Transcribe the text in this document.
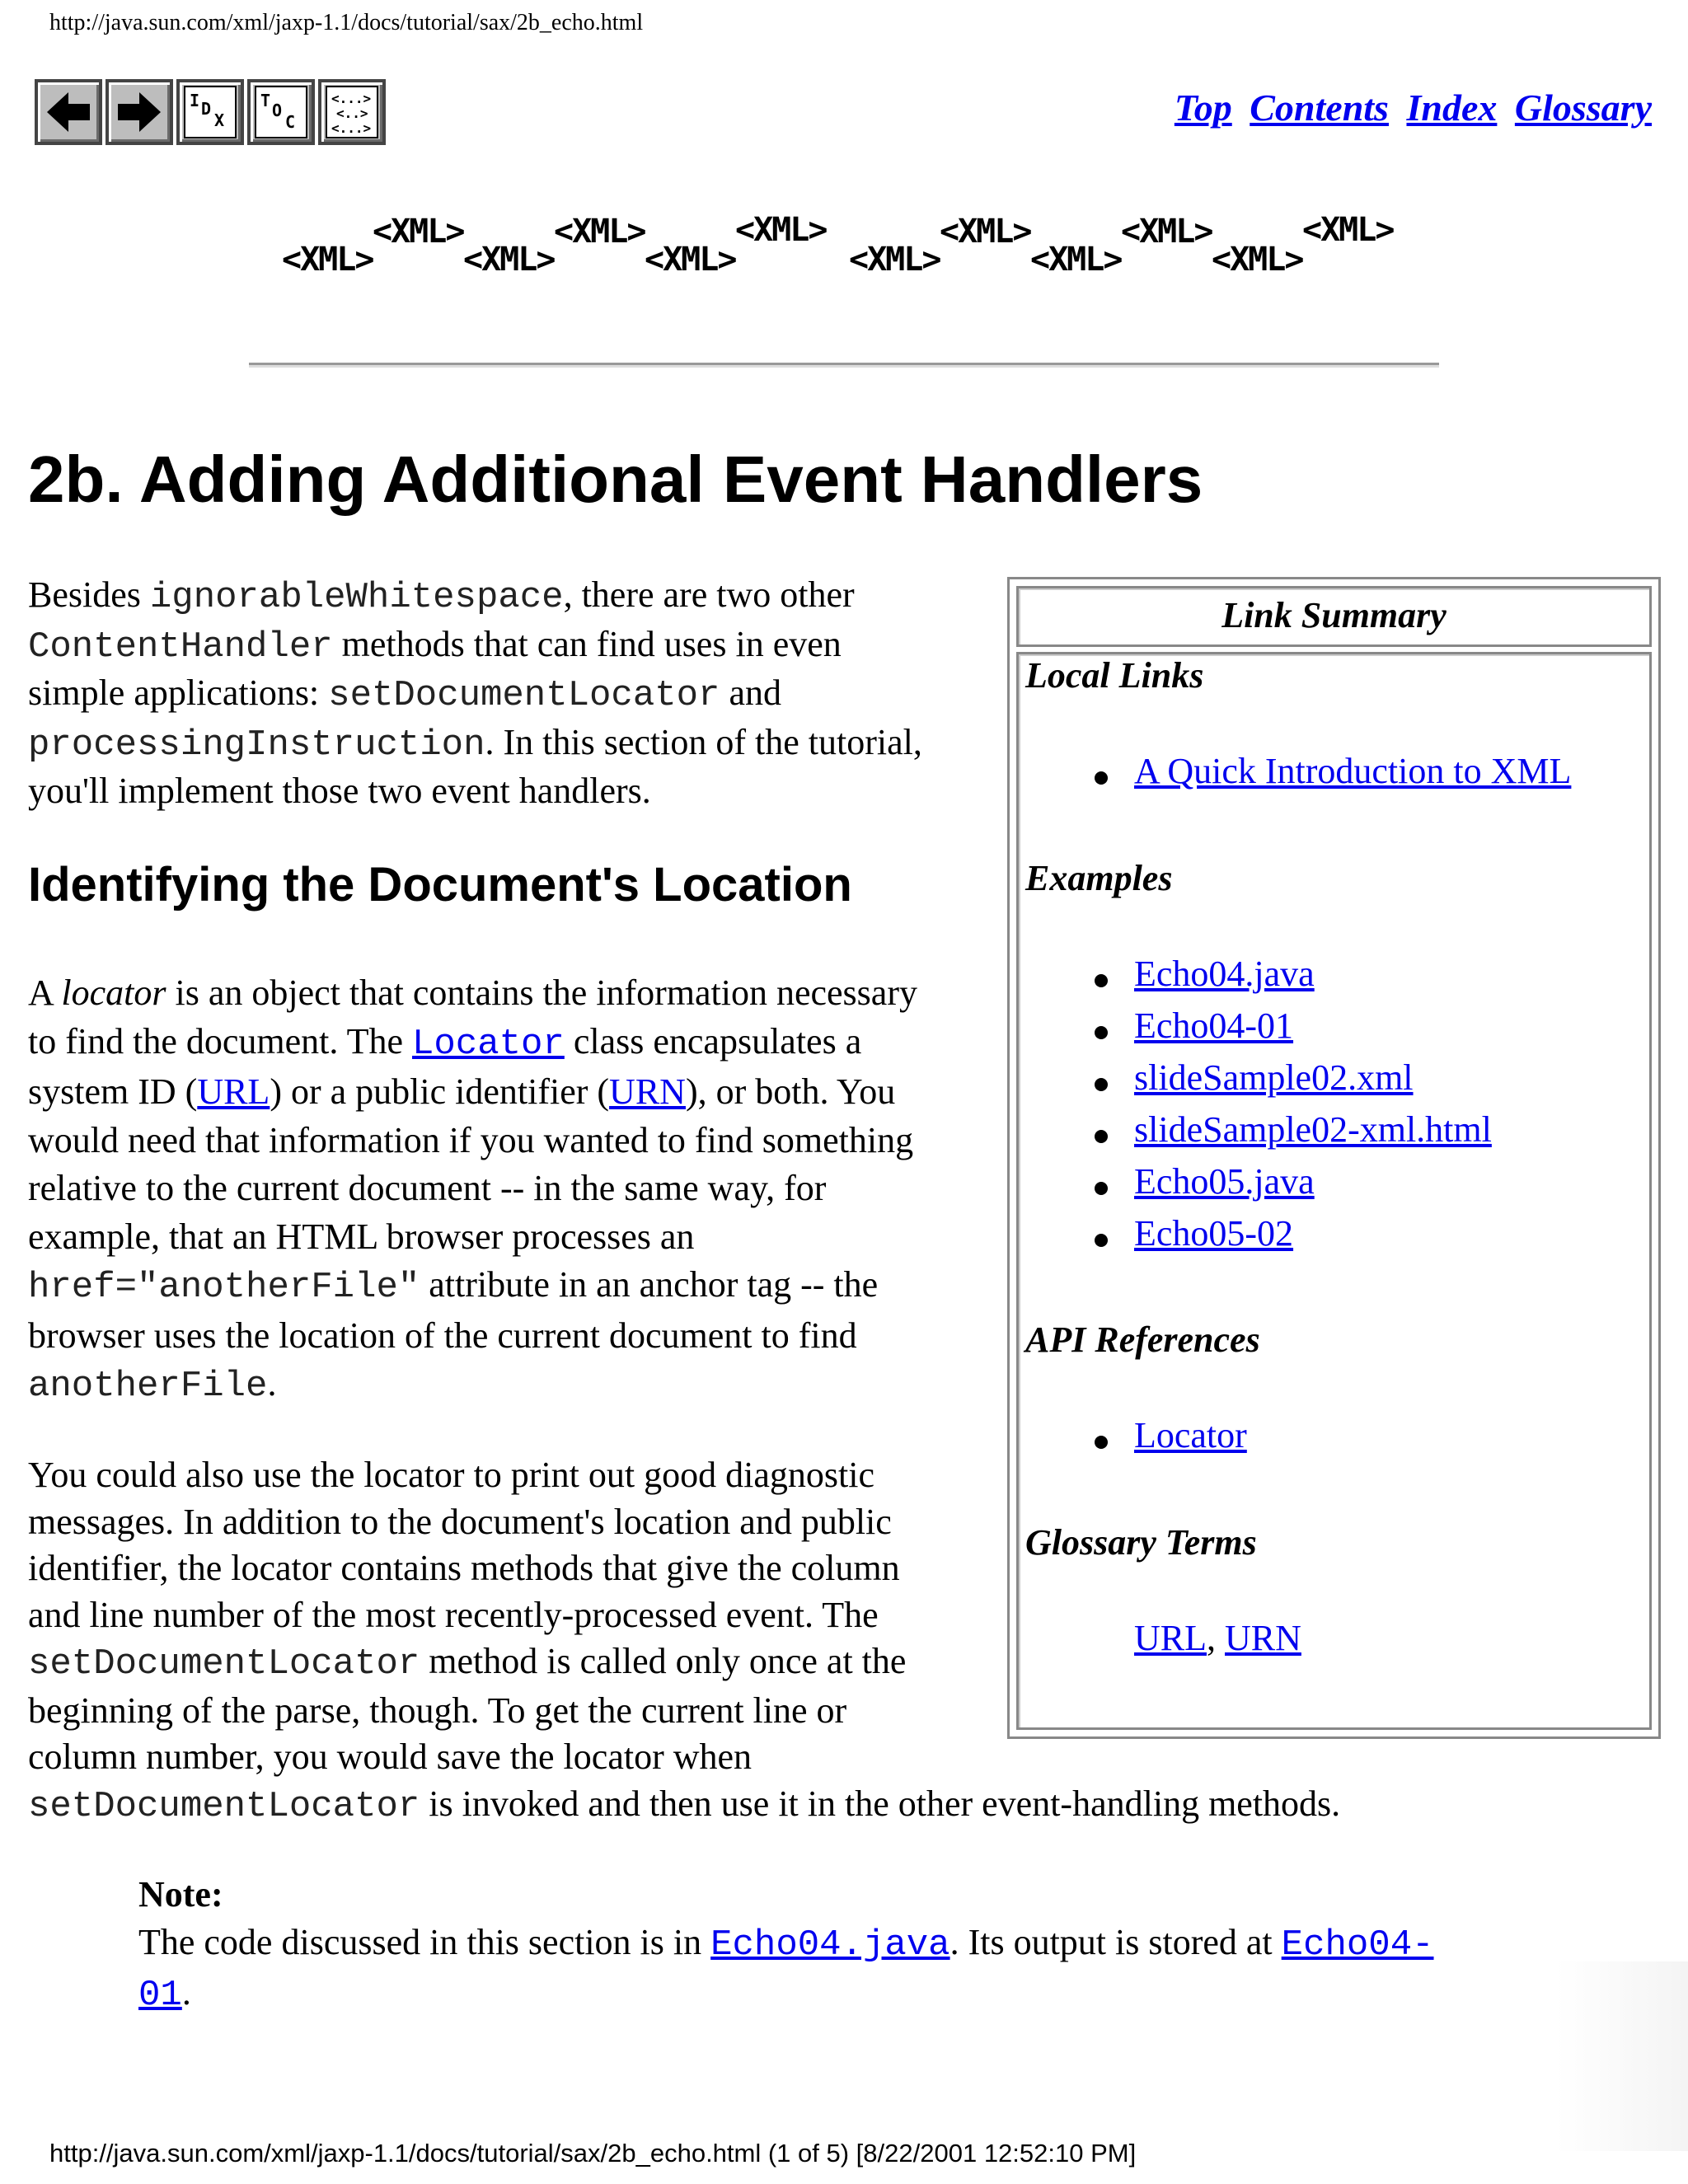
http://java.sun.com/xml/jaxp-1.1/docs/tutorial/sax/2b_echo.html
I D
X
T O
C
<...>
<..>
<...>	Top Contents Index Glossary
<XML>
<XML>
<XML>
<XML>
<XML>
<XML>
<XML>
<XML>
<XML>
<XML>
<XML>
<XML>
2b. Adding Additional Event Handlers

Besides ignorableWhitespace, there are two other
ContentHandler methods that can find uses in even
simple applications: setDocumentLocator and
processingInstruction. In this section of the tutorial,
you'll implement those two event handlers.

Identifying the Document's Location

A locator is an object that contains the information necessary
to find the document. The Locator class encapsulates a
system ID (URL) or a public identifier (URN), or both. You
would need that information if you wanted to find something
relative to the current document -- in the same way, for
example, that an HTML browser processes an
href="anotherFile" attribute in an anchor tag -- the
browser uses the location of the current document to find
anotherFile.

You could also use the locator to print out good diagnostic
messages. In addition to the document's location and public
identifier, the locator contains methods that give the column
and line number of the most recently-processed event. The
setDocumentLocator method is called only once at the
beginning of the parse, though. To get the current line or
column number, you would save the locator when
setDocumentLocator is invoked and then use it in the other event-handling methods.

Link Summary
Local Links
A Quick Introduction to XML
Examples
Echo04.java
Echo04-01
slideSample02.xml
slideSample02-xml.html
Echo05.java
Echo05-02
API References
Locator
Glossary Terms
URL, URN
Note:
The code discussed in this section is in Echo04.java. Its output is stored at Echo04-
01.
http://java.sun.com/xml/jaxp-1.1/docs/tutorial/sax/2b_echo.html (1 of 5) [8/22/2001 12:52:10 PM]
